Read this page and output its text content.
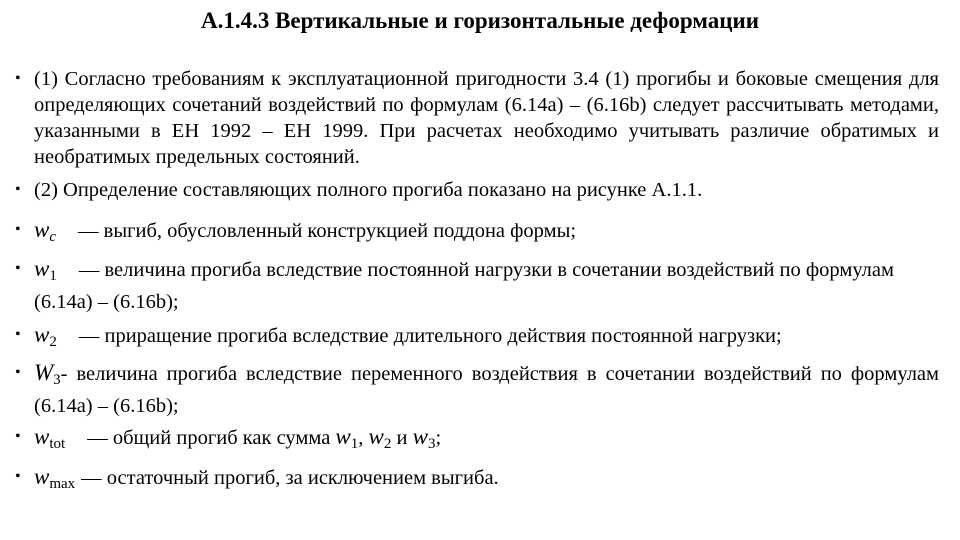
A.1.4.3 Вертикальные и горизонтальные деформации
• (1) Согласно требованиям к эксплуатационной пригодности 3.4 (1) прогибы и боковые смещения для определяющих сочетаний воздействий по формулам (6.14а) – (6.16b) следует рассчитывать методами, указанными в ЕН 1992 – ЕН 1999. При расчетах необходимо учитывать различие обратимых и необратимых предельных состояний.
• (2) Определение составляющих полного прогиба показано на рисунке А.1.1.
• wc — выгиб, обусловленный конструкцией поддона формы;
• $w_1$ — величина прогиба вследствие постоянной нагрузки в сочетании воздействий по формулам (6.14а) – (6.16b);
• $w_2$ — приращение прогиба вследствие длительного действия постоянной нагрузки;
• $W_3-$ величина прогиба вследствие переменного воздействия в сочетании воздействий по формулам (6.14а) – (6.16b);
• $w_{tot}$ — общий прогиб как сумма $w_1$, $w_2$ и $w_3$;
• $w_{max}$ — остаточный прогиб, за исключением выгиба.
